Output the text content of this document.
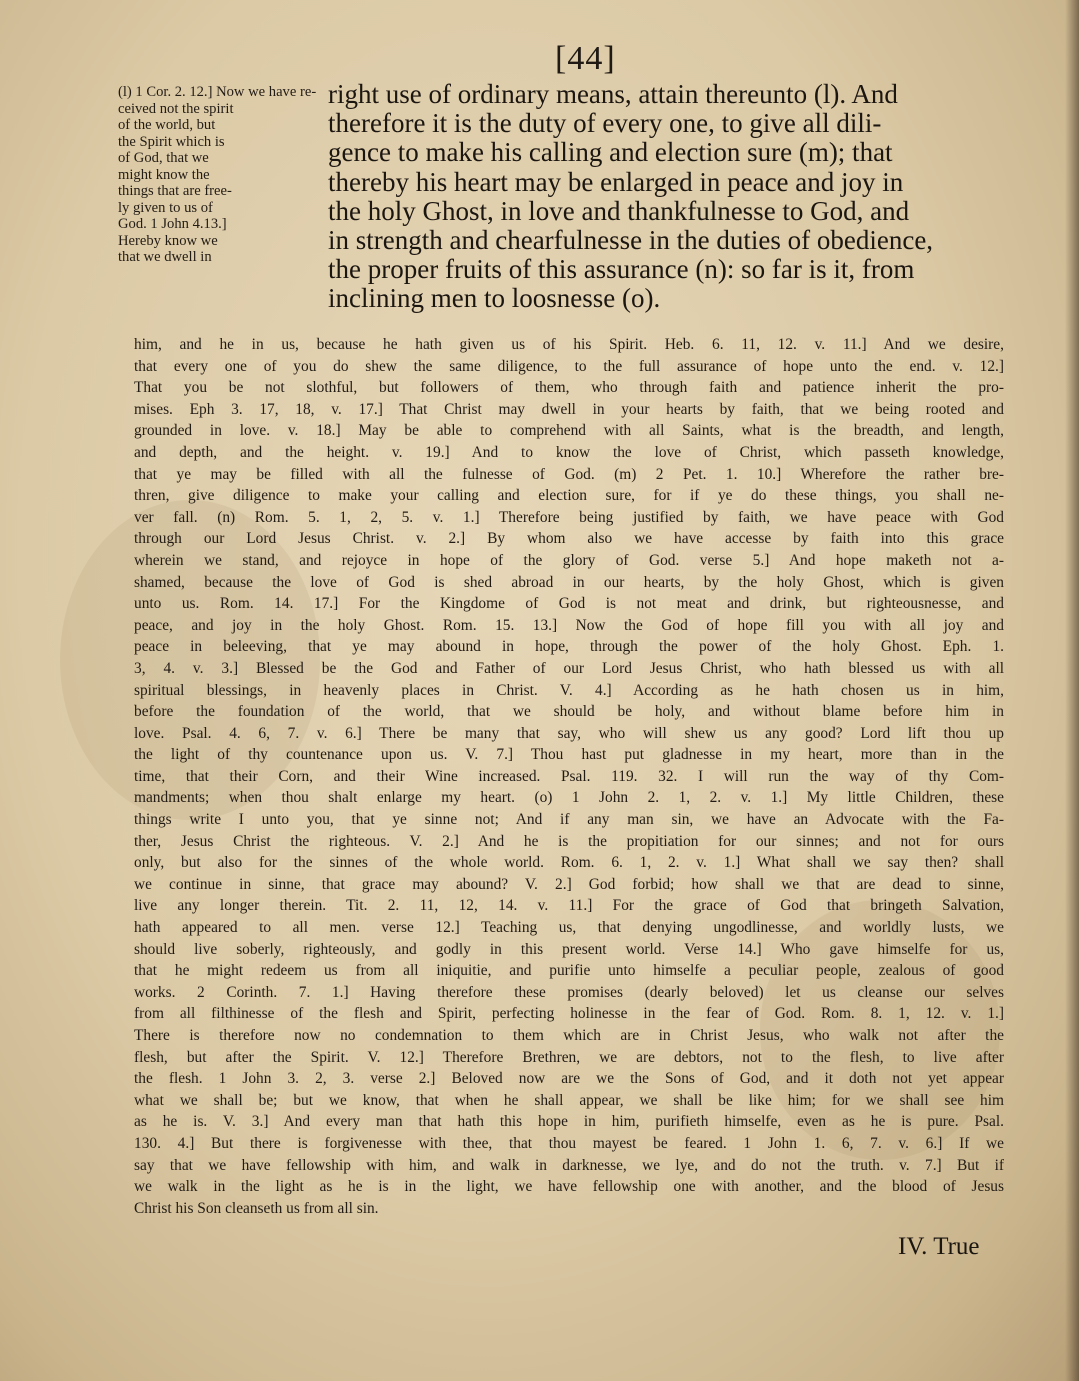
[44]
(l) 1 Cor. 2. 12.] Now we have re-
ceived not the spirit
of the world, but
the Spirit which is
of God, that we
might know the
things that are free-
ly given to us of
God. 1 John 4.13.]
Hereby know we
that we dwell in
right use of ordinary means, attain thereunto (l). And
therefore it is the duty of every one, to give all dili-
gence to make his calling and election sure (m); that
thereby his heart may be enlarged in peace and joy in
the holy Ghost, in love and thankfulnesse to God, and
in strength and chearfulnesse in the duties of obedience,
the proper fruits of this assurance (n): so far is it, from
inclining men to loosnesse (o).
him, and he in us, because he hath given us of his Spirit. Heb. 6. 11, 12. v. 11.] And we desire,
that every one of you do shew the same diligence, to the full assurance of hope unto the end. v. 12.]
That you be not slothful, but followers of them, who through faith and patience inherit the pro-
mises. Eph 3. 17, 18, v. 17.] That Christ may dwell in your hearts by faith, that we being rooted and
grounded in love. v. 18.] May be able to comprehend with all Saints, what is the breadth, and length,
and depth, and the height. v. 19.] And to know the love of Christ, which passeth knowledge,
that ye may be filled with all the fulnesse of God. (m) 2 Pet. 1. 10.] Wherefore the rather bre-
thren, give diligence to make your calling and election sure, for if ye do these things, you shall ne-
ver fall. (n) Rom. 5. 1, 2, 5. v. 1.] Therefore being justified by faith, we have peace with God
through our Lord Jesus Christ. v. 2.] By whom also we have accesse by faith into this grace
wherein we stand, and rejoyce in hope of the glory of God. verse 5.] And hope maketh not a-
shamed, because the love of God is shed abroad in our hearts, by the holy Ghost, which is given
unto us. Rom. 14. 17.] For the Kingdome of God is not meat and drink, but righteousnesse, and
peace, and joy in the holy Ghost. Rom. 15. 13.] Now the God of hope fill you with all joy and
peace in beleeving, that ye may abound in hope, through the power of the holy Ghost. Eph. 1.
3, 4. v. 3.] Blessed be the God and Father of our Lord Jesus Christ, who hath blessed us with all
spiritual blessings, in heavenly places in Christ. V. 4.] According as he hath chosen us in him,
before the foundation of the world, that we should be holy, and without blame before him in
love. Psal. 4. 6, 7. v. 6.] There be many that say, who will shew us any good? Lord lift thou up
the light of thy countenance upon us. V. 7.] Thou hast put gladnesse in my heart, more than in the
time, that their Corn, and their Wine increased. Psal. 119. 32. I will run the way of thy Com-
mandments; when thou shalt enlarge my heart. (o) 1 John 2. 1, 2. v. 1.] My little Children, these
things write I unto you, that ye sinne not; And if any man sin, we have an Advocate with the Fa-
ther, Jesus Christ the righteous. V. 2.] And he is the propitiation for our sinnes; and not for ours
only, but also for the sinnes of the whole world. Rom. 6. 1, 2. v. 1.] What shall we say then? shall
we continue in sinne, that grace may abound? V. 2.] God forbid; how shall we that are dead to sinne,
live any longer therein. Tit. 2. 11, 12, 14. v. 11.] For the grace of God that bringeth Salvation,
hath appeared to all men. verse 12.] Teaching us, that denying ungodlinesse, and worldly lusts, we
should live soberly, righteously, and godly in this present world. Verse 14.] Who gave himselfe for us,
that he might redeem us from all iniquitie, and purifie unto himselfe a peculiar people, zealous of good
works. 2 Corinth. 7. 1.] Having therefore these promises (dearly beloved) let us cleanse our selves
from all filthinesse of the flesh and Spirit, perfecting holinesse in the fear of God. Rom. 8. 1, 12. v. 1.]
There is therefore now no condemnation to them which are in Christ Jesus, who walk not after the
flesh, but after the Spirit. V. 12.] Therefore Brethren, we are debtors, not to the flesh, to live after
the flesh. 1 John 3. 2, 3. verse 2.] Beloved now are we the Sons of God, and it doth not yet appear
what we shall be; but we know, that when he shall appear, we shall be like him; for we shall see him
as he is. V. 3.] And every man that hath this hope in him, purifieth himselfe, even as he is pure. Psal.
130. 4.] But there is forgivenesse with thee, that thou mayest be feared. 1 John 1. 6, 7. v. 6.] If we
say that we have fellowship with him, and walk in darknesse, we lye, and do not the truth. v. 7.] But if
we walk in the light as he is in the light, we have fellowship one with another, and the blood of Jesus
Christ his Son cleanseth us from all sin.
IV. True
